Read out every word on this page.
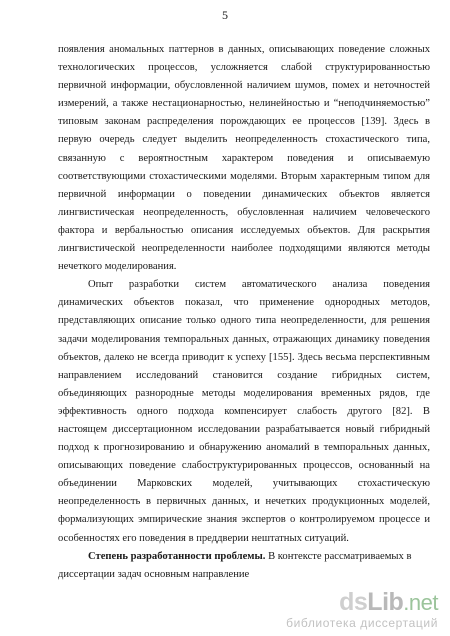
5
появления аномальных паттернов в данных, описывающих поведение сложных
технологических процессов, усложняется слабой структурированностью
первичной информации, обусловленной наличием шумов, помех и неточностей
измерений, а также нестационарностью, нелинейностью и “неподчиняемостью”
типовым законам распределения порождающих ее процессов [139]. Здесь в
первую очередь следует выделить неопределенность стохастического типа,
связанную с вероятностным характером поведения и описываемую
соответствующими стохастическими моделями. Вторым характерным типом для
первичной информации о поведении динамических объектов является
лингвистическая неопределенность, обусловленная наличием человеческого
фактора и вербальностью описания исследуемых объектов. Для раскрытия
лингвистической неопределенности наиболее подходящими являются методы
нечеткого моделирования.
Опыт разработки систем автоматического анализа поведения
динамических объектов показал, что применение однородных методов,
представляющих описание только одного типа неопределенности, для решения
задачи моделирования темпоральных данных, отражающих динамику поведения
объектов, далеко не всегда приводит к успеху [155]. Здесь весьма перспективным
направлением исследований становится создание гибридных систем,
объединяющих разнородные методы моделирования временных рядов, где
эффективность одного подхода компенсирует слабость другого [82]. В
настоящем диссертационном исследовании разрабатывается новый гибридный
подход к прогнозированию и обнаружению аномалий в темпоральных данных,
описывающих поведение слабоструктурированных процессов, основанный на
объединении Марковских моделей, учитывающих стохастическую
неопределенность в первичных данных, и нечетких продукционных моделей,
формализующих эмпирические знания экспертов о контролируемом процессе и
особенностях его поведения в преддверии нештатных ситуаций.
Степень разработанности проблемы. В контексте рассматриваемых в
диссертации задач основным направление
dsLib.net
библиотека диссертаций
